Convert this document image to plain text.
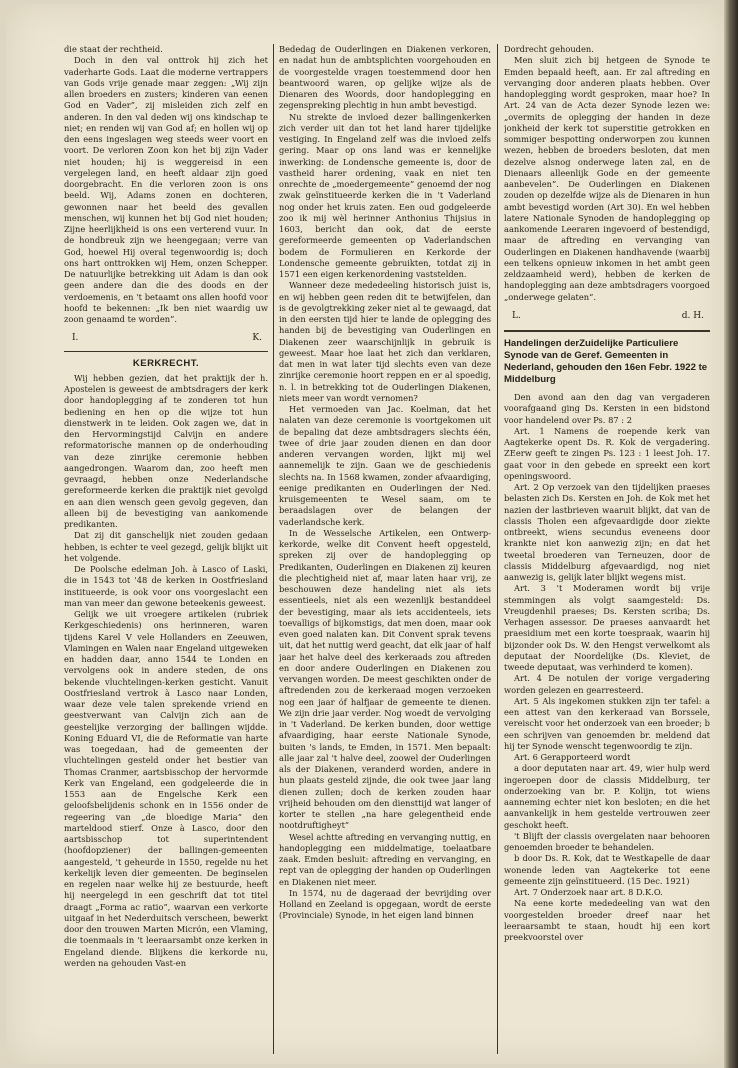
die staat der rechtheid.

Doch in den val onttrok hij zich het vaderharte Gods. Laat die moderne vertrappers van Gods vrije genade maar zeggen: „Wij zijn allen broeders en zusters; kinderen van eenen God en Vader”, zij misleiden zich zelf en anderen. In den val deden wij ons kindschap te niet; en renden wij van God af; en hollen wij op den eens ingeslagen weg steeds weer voort en voort. De verloren Zoon kon het bij zijn Vader niet houden; hij is weggereisd in een vergelegen land, en heeft aldaar zijn goed doorgebracht. En die verloren zoon is ons beeld. Wij, Adams zonen en dochteren, gewonnen naar het beeld des gevallen menschen, wij kunnen het bij God niet houden; Zijne heerlijkheid is ons een verterend vuur. In de hondbreuk zijn we heengegaan; verre van God, hoewel Hij overal tegenwoordig is; doch ons hart onttrokken wij Hem, onzen Schepper. De natuurlijke betrekking uit Adam is dan ook geen andere dan die des doods en der verdoemenis, en 't betaamt ons allen hoofd voor hoofd te bekennen: „Ik ben niet waardig uw zoon genaamd te worden”.

I.	K.
KERKRECHT.

Wij hebben gezien, dat het praktijk der h. Apostelen is geweest de ambtsdragers der kerk door handoplegging af te zonderen tot hun bediening en hen op die wijze tot hun dienstwerk in te leiden. Ook zagen we, dat in den Hervormingstijd Calvijn en andere reformatorische mannen op de onderhouding van deze zinrijke ceremonie hebben aangedrongen. Waarom dan, zoo heeft men gevraagd, hebben onze Nederlandsche gereformeerde kerken die praktijk niet gevolgd en aan dien wensch geen gevolg gegeven, dan alleen bij de bevestiging van aankomende predikanten.

Dat zij dit ganschelijk niet zouden gedaan hebben, is echter te veel gezegd, gelijk blijkt uit het volgende.

De Poolsche edelman Joh. à Lasco of Laski, die in 1543 tot '48 de kerken in Oostfriesland institueerde, is ook voor ons voorgeslacht een man van meer dan gewone beteekenis geweest.

Gelijk we uit vroegere artikelen (rubriek Kerkgeschiedenis) ons herinneren, waren tijdens Karel V vele Hollanders en Zeeuwen, Vlamingen en Walen naar Engeland uitgeweken en hadden daar, anno 1544 te Londen en vervolgens ook in andere steden, de ons bekende vluchtelingen-kerken gesticht. Vanuit Oostfriesland vertrok à Lasco naar Londen, waar deze vele talen sprekende vriend en geestverwant van Calvijn zich aan de geestelijke verzorging der ballingen wijdde. Koning Eduard VI, die de Reformatie van harte was toegedaan, had de gemeenten der vluchtelingen gesteld onder het bestier van Thomas Cranmer, aartsbisschop der hervormde Kerk van Engeland, een godgeleerde die in 1553 aan de Engelsche Kerk een geloofsbelijdenis schonk en in 1556 onder de regeering van „de bloedige Maria” den marteldood stierf. Onze à Lasco, door den aartsbisschop tot superintendent (hoofdopziener) der ballingen-gemeenten aangesteld, 't geheurde in 1550, regelde nu het kerkelijk leven dier gemeenten. De beginselen en regelen naar welke hij ze bestuurde, heeft hij neergelegd in een geschrift dat tot titel draagt „Forma ac ratio”, waarvan een verkorte uitgaaf in het Nederduitsch verscheen, bewerkt door den trouwen Marten Micrón, een Vlaming, die toenmaals in 't leeraarsambt onze kerken in Engeland diende. Blijkens die kerkorde nu, werden na gehouden Vast-en

Bededag de Ouderlingen en Diakenen verkoren, en nadat hun de ambtsplichten voorgehouden en de voorgestelde vragen toestemmend door hen beantwoord waren, op gelijke wijze als de Dienaren des Woords, door handoplegging en zegenspreking plechtig in hun ambt bevestigd.

Nu strekte de invloed dezer ballingenkerken zich verder uit dan tot het land harer tijdelijke vestiging. In Engeland zelf was die invloed zelfs gering. Maar op ons land was er kennelijke inwerking: de Londensche gemeente is, door de vastheid harer ordening, vaak en niet ten onrechte de „moedergemeente” genoemd der nog zwak geïnstitueerde kerken die in 't Vaderland nog onder het kruis zaten. Een oud godgeleerde zoo ik mij wèl herinner Anthonius Thijsius in 1603, bericht dan ook, dat de eerste gereformeerde gemeenten op Vaderlandschen bodem de Formulieren en Kerkorde der Londensche gemeente gebruikten, totdat zij in 1571 een eigen kerkenordening vaststelden.

Wanneer deze mededeeling historisch juist is, en wij hebben geen reden dit te betwijfelen, dan is de gevolgtrekking zeker niet al te gewaagd, dat in den eersten tijd hier te lande de oplegging des handen bij de bevestiging van Ouderlingen en Diakenen zeer waarschijnlijk in gebruik is geweest. Maar hoe laat het zich dan verklaren, dat men in wat later tijd slechts even van deze zinrijke ceremonie hoort reppen en er al spoedig, n. l. in betrekking tot de Ouderlingen Diakenen, niets meer van wordt vernomen?

Het vermoeden van Jac. Koelman, dat het nalaten van deze ceremonie is voortgekomen uit de bepaling dat deze ambtsdragers slechts één, twee of drie jaar zouden dienen en dan door anderen vervangen worden, lijkt mij wel aannemelijk te zijn. Gaan we de geschiedenis slechts na. In 1568 kwamen, zonder afvaardiging, eenige predikanten en Ouderlingen der Ned. kruisgemeenten te Wesel saam, om te beraadslagen over de belangen der vaderlandsche kerk.

In de Wesselsche Artikelen, een Ontwerp-kerkorde, welke dit Convent heeft opgesteld, spreken zij over de handoplegging op Predikanten, Ouderlingen en Diakenen zij keuren die plechtigheid niet af, maar laten haar vrij, ze beschouwen deze handeling niet als iets essentieels, niet als een wezenlijk bestanddeel der bevestiging, maar als iets accidenteels, iets toevalligs of bijkomstigs, dat men doen, maar ook even goed nalaten kan. Dit Convent sprak tevens uit, dat het nuttig werd geacht, dat elk jaar of half jaar het halve deel des kerkeraads zou aftreden en door andere Ouderlingen en Diakenen zou vervangen worden. De meest geschikten onder de aftredenden zou de kerkeraad mogen verzoeken nog een jaar óf halfjaar de gemeente te dienen. We zijn drie jaar verder. Nog woedt de vervolging in 't Vaderland. De kerken bunden, door wettige afvaardiging, haar eerste Nationale Synode, buiten 's lands, te Emden, in 1571. Men bepaalt: alle jaar zal 't halve deel, zoowel der Ouderlingen als der Diakenen, veranderd worden, andere in hun plaats gesteld zijnde, die ook twee jaar lang dienen zullen; doch de kerken zouden haar vrijheid behouden om den diensttijd wat langer of korter te stellen „na hare gelegentheid ende nootdruftigheyt”

Wesel achtte aftreding en vervanging nuttig, en handoplegging een middelmatige, toelaatbare zaak. Emden besluit: aftreding en vervanging, en rept van de oplegging der handen op Ouderlingen en Diakenen niet meer.

In 1574, nu de dageraad der bevrijding over Holland en Zeeland is opgegaan, wordt de eerste (Provinciale) Synode, in het eigen land binnen

Dordrecht gehouden.

Men sluit zich bij hetgeen de Synode te Emden bepaald heeft, aan. Er zal aftreding en vervanging door anderen plaats hebben. Over handoplegging wordt gesproken, maar hoe? In Art. 24 van de Acta dezer Synode lezen we: „overmits de oplegging der handen in deze jonkheid der kerk tot superstitie getrokken en sommiger bespotting onderworpen zou kunnen wezen, hebben de broeders besloten, dat men dezelve alsnog onderwege laten zal, en de Dienaars alleenlijk Gode en der gemeente aanbevelen”. De Ouderlingen en Diakenen zouden op dezelfde wijze als de Dienaren in hun ambt bevestigd worden (Art 30). En wel hebben latere Nationale Synoden de handoplegging op aankomende Leeraren ingevoerd of bestendigd, maar de aftreding en vervanging van Ouderlingen en Diakenen handhavende (waarbij een telkens opnieuw inkomen in het ambt geen zeldzaamheid werd), hebben de kerken de handoplegging aan deze ambtsdragers voorgoed „onderwege gelaten”.

L.	d. H.
Handelingen derZuidelijke Particuliere Synode van de Geref. Gemeenten in Nederland, gehouden den 16en Febr. 1922 te Middelburg

Den avond aan den dag van vergaderen voorafgaand ging Ds. Kersten in een bidstond voor handelend over Ps. 87 : 2

Art. 1 Namens de roepende kerk van Aagtekerke opent Ds. R. Kok de vergadering. ZEerw geeft te zingen Ps. 123 : 1 leest Joh. 17. gaat voor in den gebede en spreekt een kort openingswoord.

Art. 2 Op verzoek van den tijdelijken praeses belasten zich Ds. Kersten en Joh. de Kok met het nazien der lastbrieven waaruit blijkt, dat van de classis Tholen een afgevaardigde door ziekte ontbreekt, wiens secundus eveneens door krankte niet kon aanwezig zijn; en dat het tweetal broederen van Terneuzen, door de classis Middelburg afgevaardigd, nog niet aanwezig is, gelijk later blijkt wegens mist.

Art. 3 't Moderamen wordt bij vrije stemmingen als volgt saamgesteld: Ds. Vreugdenhil praeses; Ds. Kersten scriba; Ds. Verhagen assessor. De praeses aanvaardt het praesidium met een korte toespraak, waarin hij bijzonder ook Ds. W. den Hengst verwelkomt als deputaat der Noordelijke (Ds. Kleviet, de tweede deputaat, was verhinderd te komen).

Art. 4 De notulen der vorige vergadering worden gelezen en gearresteerd.

Art. 5 Als ingekomen stukken zijn ter tafel: a een attest van den kerkeraad van Borssele, vereischt voor het onderzoek van een broeder; b een schrijven van genoemden br. meldend dat hij ter Synode wenscht tegenwoordig te zijn.

Art. 6 Gerapporteerd wordt

a door deputaten naar art. 49, wier hulp werd ingeroepen door de classis Middelburg, ter onderzoeking van br. P. Kolijn, tot wiens aanneming echter niet kon besloten; en die het aanvankelijk in hem gestelde vertrouwen zeer geschokt heeft.

't Blijft der classis overgelaten naar behooren genoemden broeder te behandelen.

b door Ds. R. Kok, dat te Westkapelle de daar wonende leden van Aagtekerke tot eene gemeente zijn geïnstitueerd. (15 Dec. 1921)

Art. 7 Onderzoek naar art. 8 D.K.O.

Na eene korte mededeeling van wat den voorgestelden broeder dreef naar het leeraarsambt te staan, houdt hij een kort preekvoorstel over
